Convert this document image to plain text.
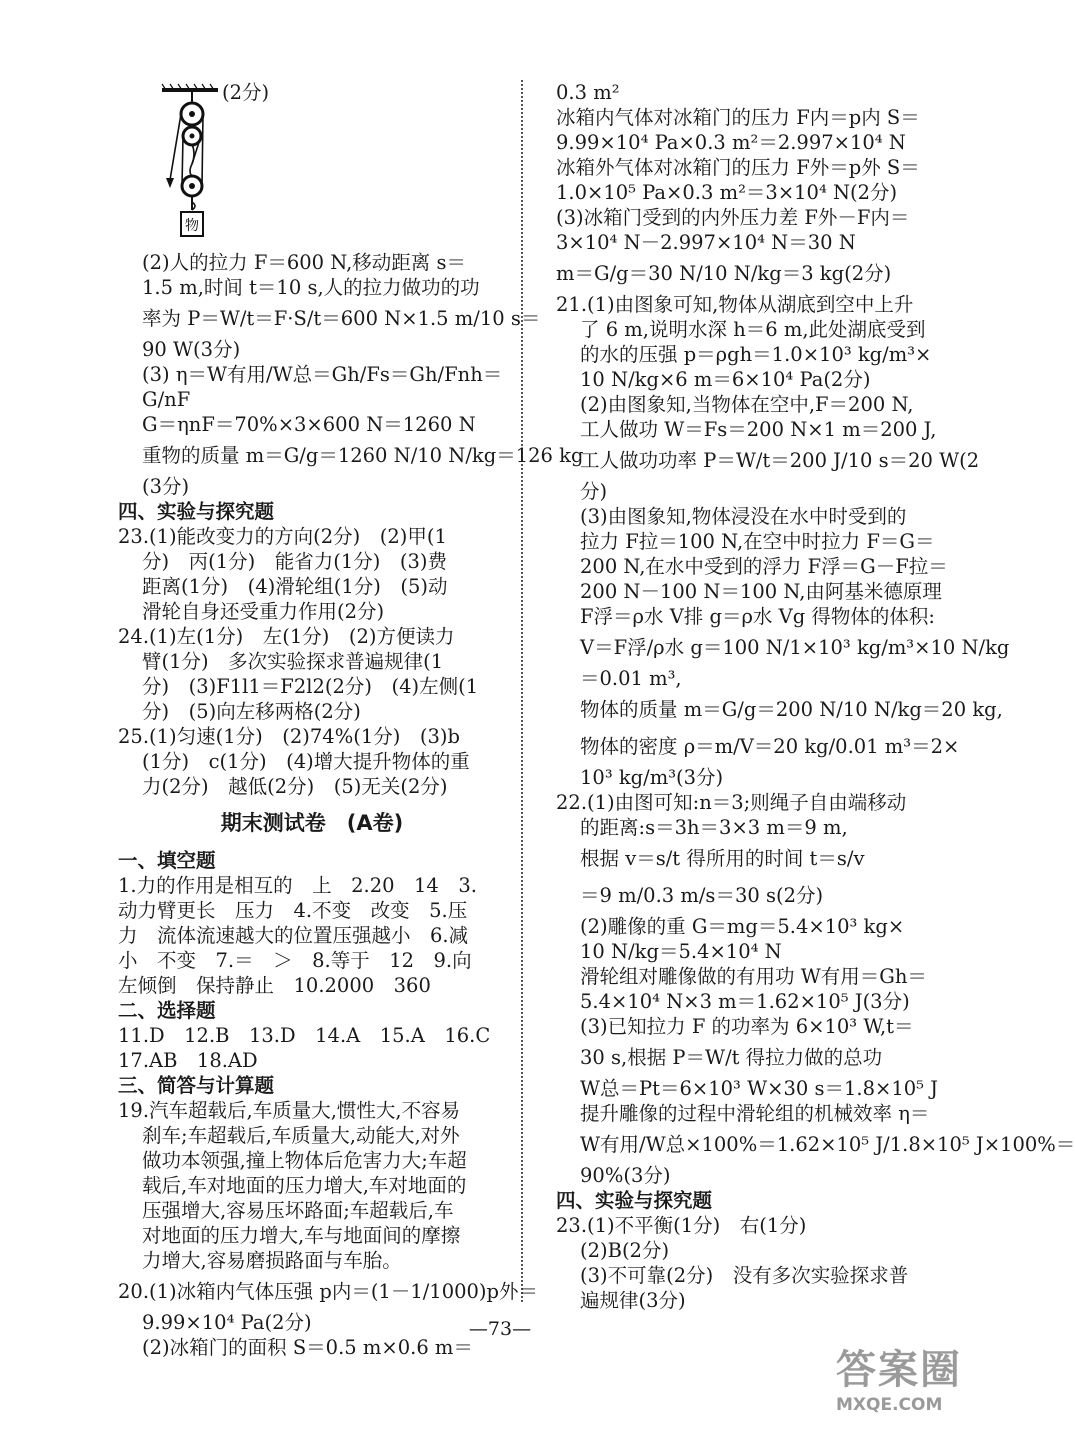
物
(2分)
(2)人的拉力 F＝600 N,移动距离 s＝
1.5 m,时间 t＝10 s,人的拉力做功的功
率为 P＝W/t＝F·S/t＝600 N×1.5 m/10 s＝
90 W(3分)
(3) η＝W有用/W总＝Gh/Fs＝Gh/Fnh＝
G/nF
G＝ηnF＝70%×3×600 N＝1260 N
重物的质量 m＝G/g＝1260 N/10 N/kg＝126 kg
(3分)
四、实验与探究题
23.(1)能改变力的方向(2分)　(2)甲(1
分)　丙(1分)　能省力(1分)　(3)费
距离(1分)　(4)滑轮组(1分)　(5)动
滑轮自身还受重力作用(2分)
24.(1)左(1分)　左(1分)　(2)方便读力
臂(1分)　多次实验探求普遍规律(1
分)　(3)F1l1＝F2l2(2分)　(4)左侧(1
分)　(5)向左移两格(2分)
25.(1)匀速(1分)　(2)74%(1分)　(3)b
(1分)　c(1分)　(4)增大提升物体的重
力(2分)　越低(2分)　(5)无关(2分)
期末测试卷　(A卷)
一、填空题
1.力的作用是相互的　上　2.20　14　3.
动力臂更长　压力　4.不变　改变　5.压
力　流体流速越大的位置压强越小　6.减
小　不变　7.＝　＞　8.等于　12　9.向
左倾倒　保持静止　10.2000　360
二、选择题
11.D　12.B　13.D　14.A　15.A　16.C
17.AB　18.AD
三、简答与计算题
19.汽车超载后,车质量大,惯性大,不容易
刹车;车超载后,车质量大,动能大,对外
做功本领强,撞上物体后危害力大;车超
载后,车对地面的压力增大,车对地面的
压强增大,容易压坏路面;车超载后,车
对地面的压力增大,车与地面间的摩擦
力增大,容易磨损路面与车胎。
20.(1)冰箱内气体压强 p内＝(1－1/1000)p外＝
9.99×10⁴ Pa(2分)
(2)冰箱门的面积 S＝0.5 m×0.6 m＝
0.3 m²
冰箱内气体对冰箱门的压力 F内＝p内 S＝
9.99×10⁴ Pa×0.3 m²＝2.997×10⁴ N
冰箱外气体对冰箱门的压力 F外＝p外 S＝
1.0×10⁵ Pa×0.3 m²＝3×10⁴ N(2分)
(3)冰箱门受到的内外压力差 F外－F内＝
3×10⁴ N－2.997×10⁴ N＝30 N
m＝G/g＝30 N/10 N/kg＝3 kg(2分)
21.(1)由图象可知,物体从湖底到空中上升
了 6 m,说明水深 h＝6 m,此处湖底受到
的水的压强 p＝ρgh＝1.0×10³ kg/m³×
10 N/kg×6 m＝6×10⁴ Pa(2分)
(2)由图象知,当物体在空中,F＝200 N,
工人做功 W＝Fs＝200 N×1 m＝200 J,
工人做功功率 P＝W/t＝200 J/10 s＝20 W(2
分)
(3)由图象知,物体浸没在水中时受到的
拉力 F拉＝100 N,在空中时拉力 F＝G＝
200 N,在水中受到的浮力 F浮＝G－F拉＝
200 N－100 N＝100 N,由阿基米德原理
F浮＝ρ水 V排 g＝ρ水 Vg 得物体的体积:
V＝F浮/ρ水 g＝100 N/1×10³ kg/m³×10 N/kg
＝0.01 m³,
物体的质量 m＝G/g＝200 N/10 N/kg＝20 kg,
物体的密度 ρ＝m/V＝20 kg/0.01 m³＝2×
10³ kg/m³(3分)
22.(1)由图可知:n＝3;则绳子自由端移动
的距离:s＝3h＝3×3 m＝9 m,
根据 v＝s/t 得所用的时间 t＝s/v
＝9 m/0.3 m/s＝30 s(2分)
(2)雕像的重 G＝mg＝5.4×10³ kg×
10 N/kg＝5.4×10⁴ N
滑轮组对雕像做的有用功 W有用＝Gh＝
5.4×10⁴ N×3 m＝1.62×10⁵ J(3分)
(3)已知拉力 F 的功率为 6×10³ W,t＝
30 s,根据 P＝W/t 得拉力做的总功
W总＝Pt＝6×10³ W×30 s＝1.8×10⁵ J
提升雕像的过程中滑轮组的机械效率 η＝
W有用/W总×100%＝1.62×10⁵ J/1.8×10⁵ J×100%＝
90%(3分)
四、实验与探究题
23.(1)不平衡(1分)　右(1分)
(2)B(2分)
(3)不可靠(2分)　没有多次实验探求普
遍规律(3分)
—73—
答案圈
MXQE.COM
